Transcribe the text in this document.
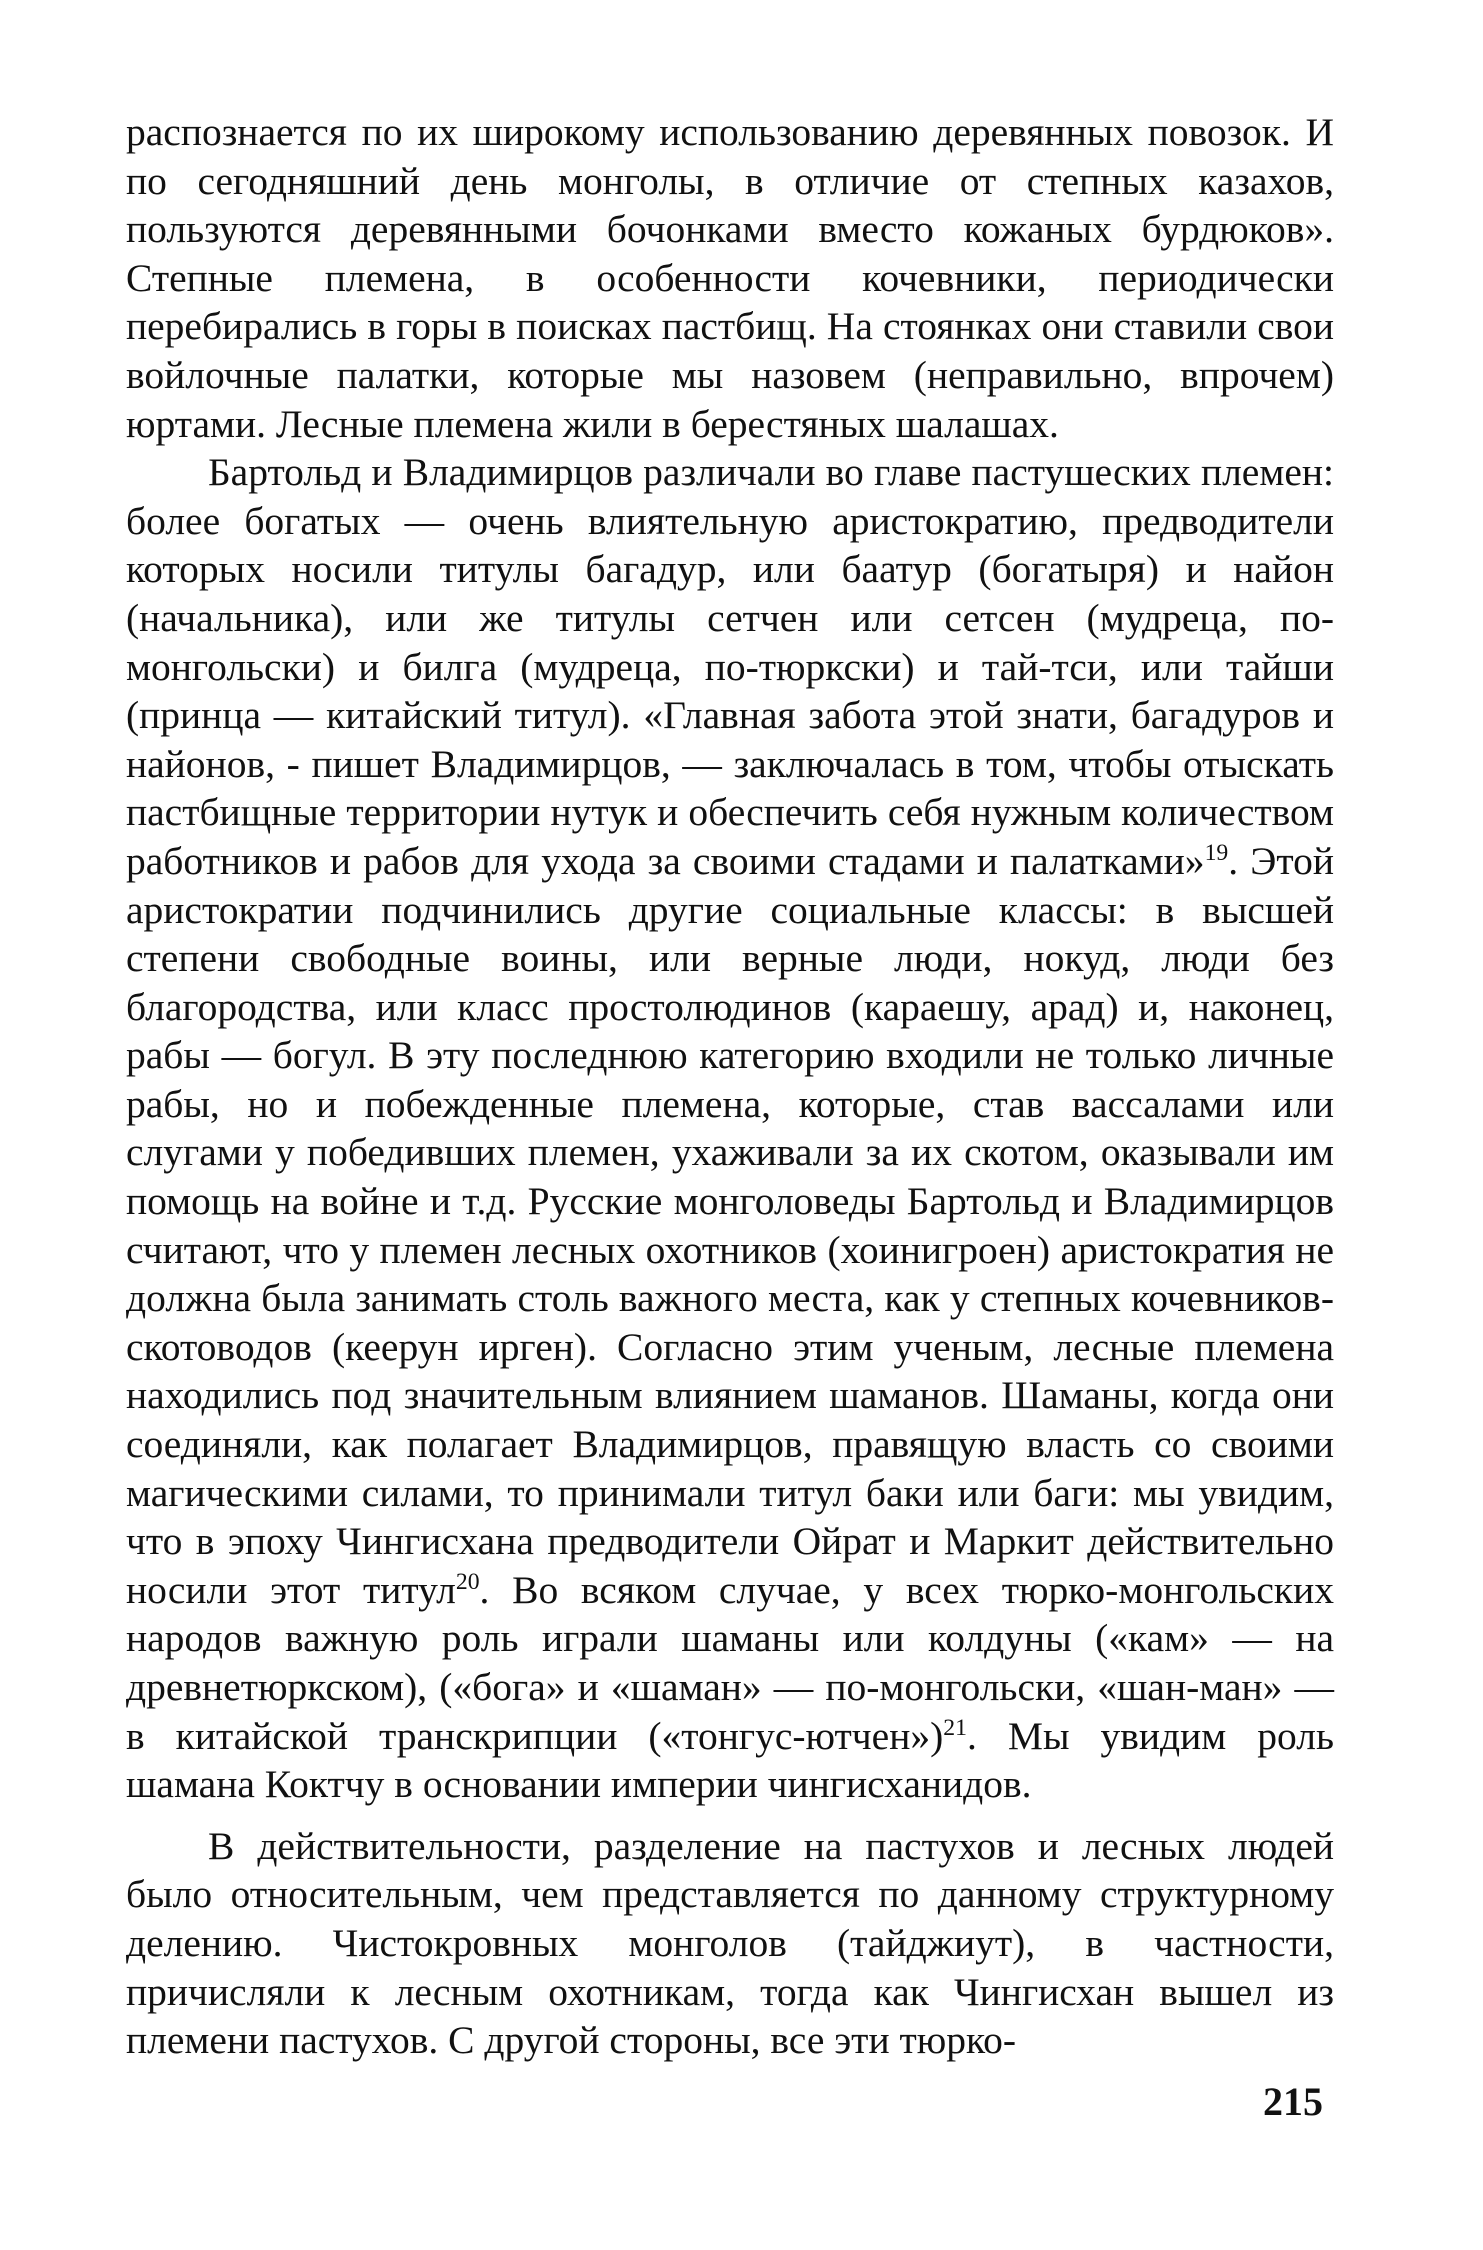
распознается по их широкому использованию деревянных повозок. И по сегодняшний день монголы, в отличие от степных казахов, пользуются деревянными бочонками вместо кожаных бурдюков». Степные племена, в особенности кочевники, периодически перебирались в горы в поисках пастбищ. На стоянках они ставили свои войлочные палатки, которые мы назовем (неправильно, впрочем) юртами. Лесные племена жили в берестяных шалашах.

Бартольд и Владимирцов различали во главе пастушеских племен: более богатых — очень влиятельную аристократию, предводители которых носили титулы багадур, или баатур (богатыря) и найон (начальника), или же титулы сетчен или сетсен (мудреца, по-монгольски) и билга (мудреца, по-тюркски) и тай-тси, или тайши (принца — китайский титул). «Главная забота этой знати, багадуров и найонов, - пишет Владимирцов, — заключалась в том, чтобы отыскать пастбищные территории нутук и обеспечить себя нужным количеством работников и рабов для ухода за своими стадами и палатками»$^{19}$. Этой аристократии подчинились другие социальные классы: в высшей степени свободные воины, или верные люди, нокуд, люди без благородства, или класс простолюдинов (караешу, арад) и, наконец, рабы — богул. В эту последнюю категорию входили не только личные рабы, но и побежденные племена, которые, став вассалами или слугами у победивших племен, ухаживали за их скотом, оказывали им помощь на войне и т.д. Русские монголоведы Бартольд и Владимирцов считают, что у племен лесных охотников (хоинигроен) аристократия не должна была занимать столь важного места, как у степных кочевников-скотоводов (кеерун ирген). Согласно этим ученым, лесные племена находились под значительным влиянием шаманов. Шаманы, когда они соединяли, как полагает Владимирцов, правящую власть со своими магическими силами, то принимали титул баки или баги: мы увидим, что в эпоху Чингисхана предводители Ойрат и Маркит действительно носили этот титул$^{20}$. Во всяком случае, у всех тюрко-монгольских народов важную роль играли шаманы или колдуны («кам» — на древнетюркском), («бога» и «шаман» — по-монгольски, «шан-ман» — в китайской транскрипции («тонгус-ютчен»)$^{21}$. Мы увидим роль шамана Коктчу в основании империи чингисханидов.

В действительности, разделение на пастухов и лесных людей было относительным, чем представляется по данному структурному делению. Чистокровных монголов (тайджиут), в частности, причисляли к лесным охотникам, тогда как Чингисхан вышел из племени пастухов. С другой стороны, все эти тюрко-

215
